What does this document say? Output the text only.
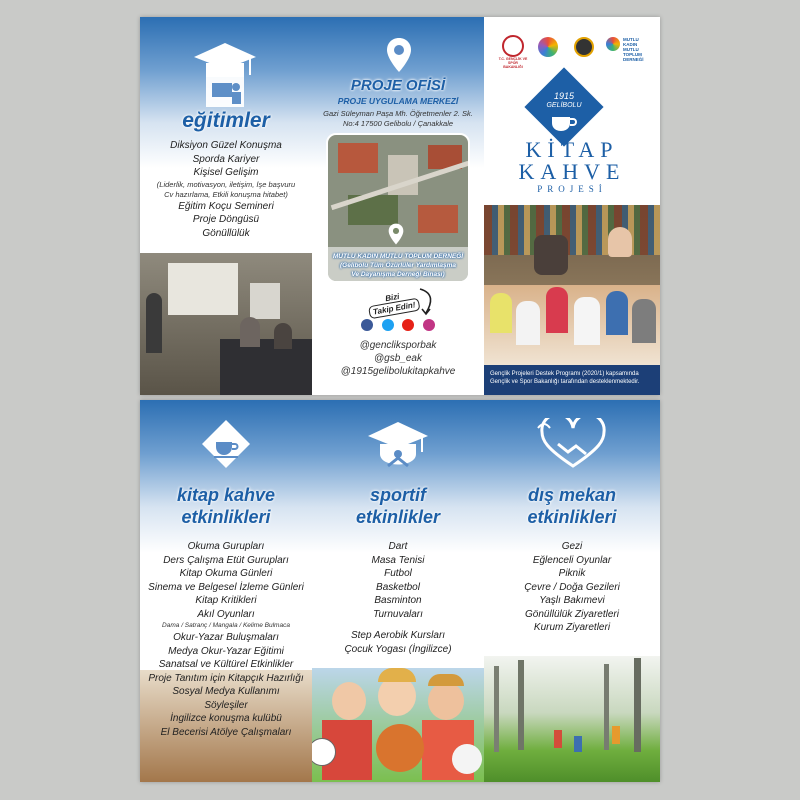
eğitimler
Diksiyon Güzel Konuşma
Sporda Kariyer
Kişisel Gelişim
(Liderlik, motivasyon, iletişim, İşe başvuru
Cv hazırlama, Etkili konuşma hitabet)
Eğitim Koçu Semineri
Proje Döngüsü
Gönüllülük
PROJE OFİSİ
PROJE UYGULAMA MERKEZİ
Gazi Süleyman Paşa Mh. Öğretmenler 2. Sk.
No:4 17500 Gelibolu / Çanakkale
MUTLU KADIN MUTLU TOPLUM DERNEĞİ
(Gelibolu Tüm Özürlüler Yardımlaşma
Ve Dayanışma Derneği Binası)
Bizi
Takip Edin!

@gencliksporbak
@gsb_eak
@1915gelibolukitapkahve
T.C. GENÇLİK VE SPOR BAKANLIĞI
MUTLU KADIN MUTLU TOPLUM DERNEĞİ
1915
GELİBOLU
KİTAP
KAHVE
PROJESİ
Gençlik Projeleri Destek Programı (2020/1) kapsamında Gençlik ve Spor Bakanlığı tarafından desteklenmektedir.
kitap kahve
etkinlikleri
Okuma Gurupları
Ders Çalışma Etüt Gurupları
Kitap Okuma Günleri
Sinema ve Belgesel İzleme Günleri
Kitap Kritikleri
Akıl Oyunları
Dama / Satranç / Mangala / Kelime Bulmaca
Okur-Yazar Buluşmaları
Medya Okur-Yazar Eğitimi
Sanatsal ve Kültürel Etkinlikler
Proje Tanıtım için Kitapçık Hazırlığı
Sosyal Medya Kullanımı
Söyleşiler
İngilizce konuşma kulübü
El Becerisi Atölye Çalışmaları
sportif
etkinlikler
Dart
Masa Tenisi
Futbol
Basketbol
Basminton
Turnuvaları
Step Aerobik Kursları
Çocuk Yogası (İngilizce)
dış mekan
etkinlikleri
Gezi
Eğlenceli Oyunlar
Piknik
Çevre / Doğa Gezileri
Yaşlı Bakımevi
Gönüllülük Ziyaretleri
Kurum Ziyaretleri
